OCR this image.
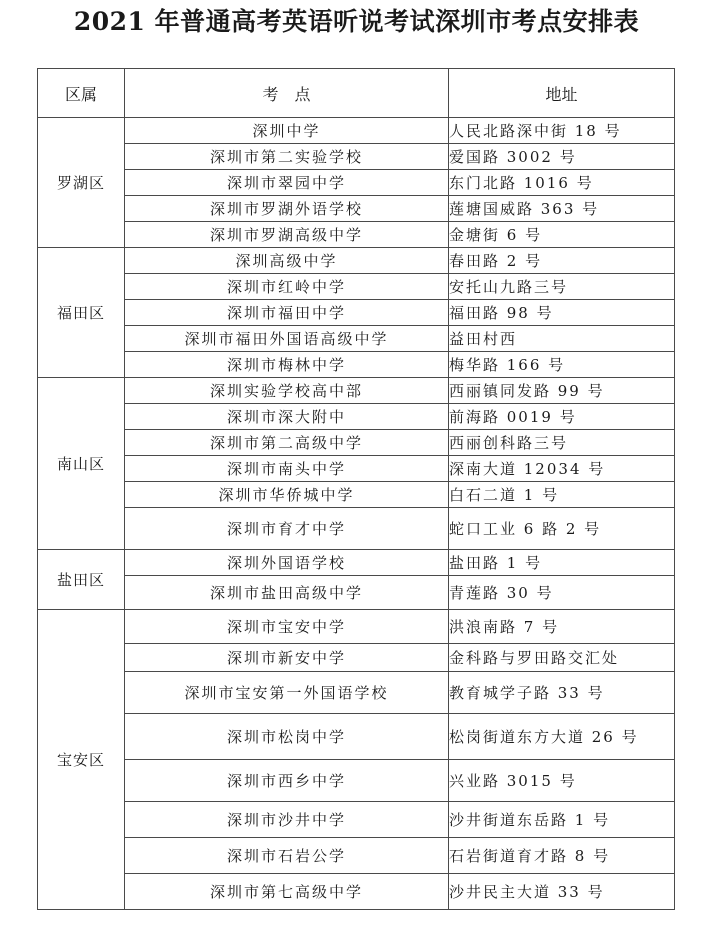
2021 年普通高考英语听说考试深圳市考点安排表
区属	考　点	地址
罗湖区	深圳中学	人民北路深中街 18 号
	深圳市第二实验学校	爱国路 3002 号
	深圳市翠园中学	东门北路 1016 号
	深圳市罗湖外语学校	莲塘国威路 363 号
	深圳市罗湖高级中学	金塘街 6 号
福田区	深圳高级中学	春田路 2 号
	深圳市红岭中学	安托山九路三号
	深圳市福田中学	福田路 98 号
	深圳市福田外国语高级中学	益田村西
	深圳市梅林中学	梅华路 166 号
南山区	深圳实验学校高中部	西丽镇同发路 99 号
	深圳市深大附中	前海路 0019 号
	深圳市第二高级中学	西丽创科路三号
	深圳市南头中学	深南大道 12034 号
	深圳市华侨城中学	白石二道 1 号
	深圳市育才中学	蛇口工业 6 路 2 号
盐田区	深圳外国语学校	盐田路 1 号
	深圳市盐田高级中学	青莲路 30 号
宝安区	深圳市宝安中学	洪浪南路 7 号
	深圳市新安中学	金科路与罗田路交汇处
	深圳市宝安第一外国语学校	教育城学子路 33 号
	深圳市松岗中学	松岗街道东方大道 26 号
	深圳市西乡中学	兴业路 3015 号
	深圳市沙井中学	沙井街道东岳路 1 号
	深圳市石岩公学	石岩街道育才路 8 号
	深圳市第七高级中学	沙井民主大道 33 号
